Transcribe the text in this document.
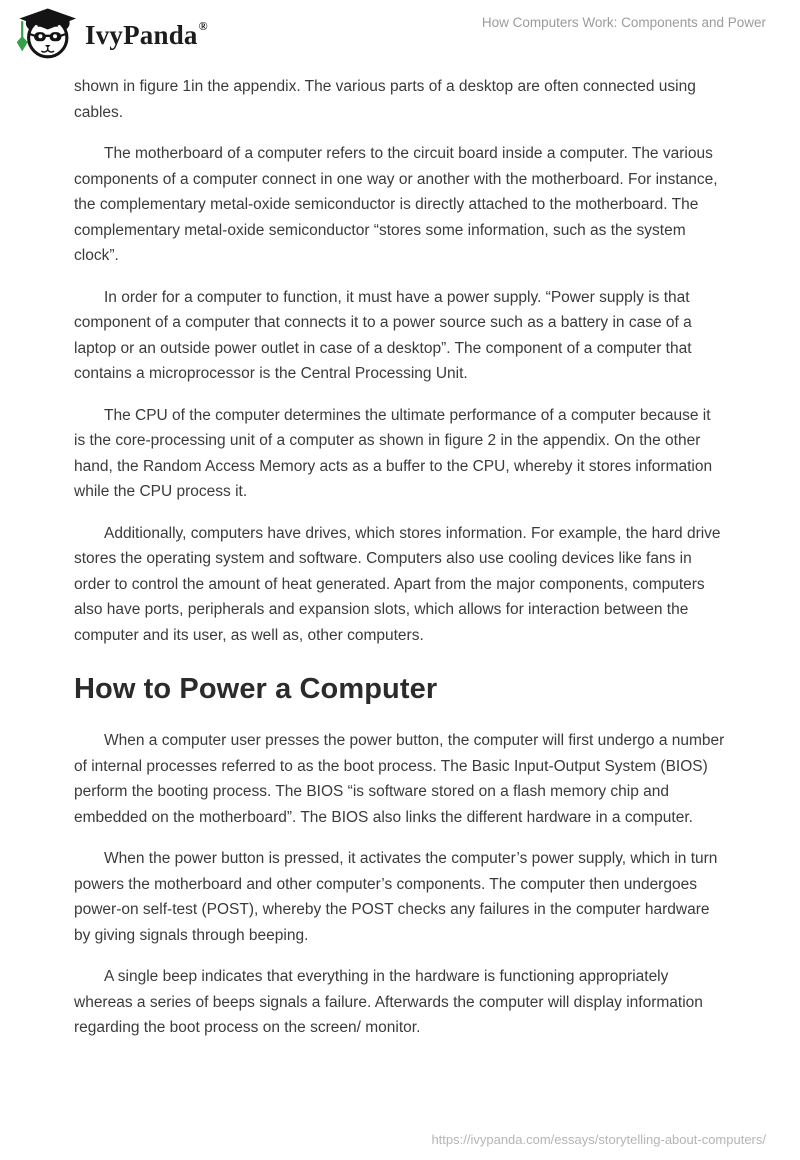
IvyPanda®	How Computers Work: Components and Power

shown in figure 1in the appendix. The various parts of a desktop are often connected using cables.

The motherboard of a computer refers to the circuit board inside a computer. The various components of a computer connect in one way or another with the motherboard. For instance, the complementary metal-oxide semiconductor is directly attached to the motherboard. The complementary metal-oxide semiconductor “stores some information, such as the system clock”.

In order for a computer to function, it must have a power supply. “Power supply is that component of a computer that connects it to a power source such as a battery in case of a laptop or an outside power outlet in case of a desktop”. The component of a computer that contains a microprocessor is the Central Processing Unit.

The CPU of the computer determines the ultimate performance of a computer because it is the core-processing unit of a computer as shown in figure 2 in the appendix. On the other hand, the Random Access Memory acts as a buffer to the CPU, whereby it stores information while the CPU process it.

Additionally, computers have drives, which stores information. For example, the hard drive stores the operating system and software. Computers also use cooling devices like fans in order to control the amount of heat generated. Apart from the major components, computers also have ports, peripherals and expansion slots, which allows for interaction between the computer and its user, as well as, other computers.

How to Power a Computer

When a computer user presses the power button, the computer will first undergo a number of internal processes referred to as the boot process. The Basic Input-Output System (BIOS) perform the booting process. The BIOS “is software stored on a flash memory chip and embedded on the motherboard”. The BIOS also links the different hardware in a computer.

When the power button is pressed, it activates the computer’s power supply, which in turn powers the motherboard and other computer’s components. The computer then undergoes power-on self-test (POST), whereby the POST checks any failures in the computer hardware by giving signals through beeping.

A single beep indicates that everything in the hardware is functioning appropriately whereas a series of beeps signals a failure. Afterwards the computer will display information regarding the boot process on the screen/ monitor.

https://ivypanda.com/essays/storytelling-about-computers/
